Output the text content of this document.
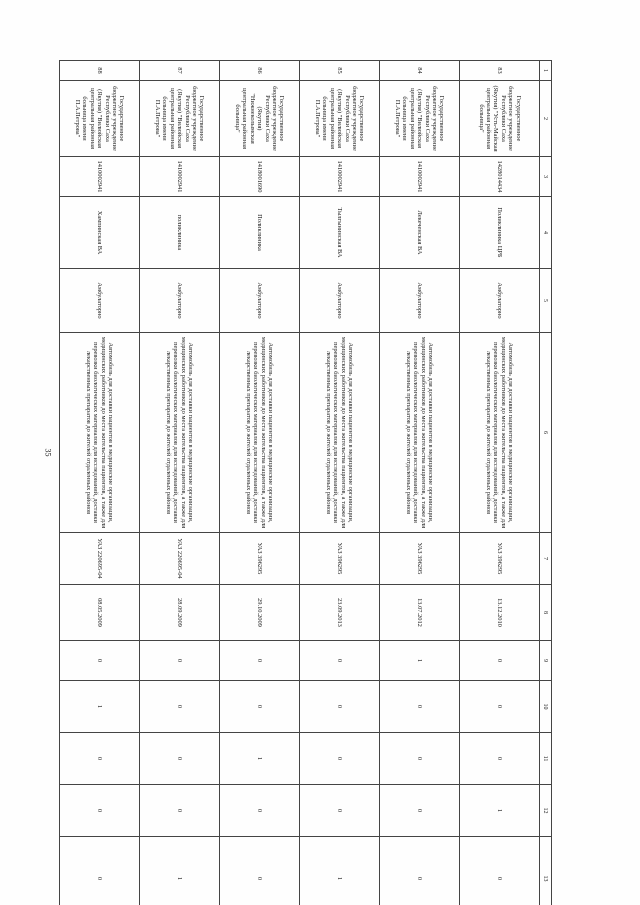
35
1	2	3	4	5	6	7	8	9	10	11	12	13
83	Государственное бюджетное учреждение Республики Саха (Якутия) "Усть-Майская центральная районная больница"	1428014434	Поликлиника ЦРБ	Амбулаторно	Автомобиль для доставки пациентов в медицинские организации, медицинских работников до места жительства пациентов, а также для перевозки биологических материалов для исследований, доставки лекарственных препаратов до жителей отдаленных районов	УАЗ 396295	13.12.2010	0	0	0	1	0
84	Государственное бюджетное учреждение Республики Саха (Якутия) "Вилюйская центральная районная больница имени П.А.Петрова"	1410002941	Лекеченская ВА	Амбулаторно	Автомобиль для доставки пациентов в медицинские организации, медицинских работников до места жительства пациентов, а также для перевозки биологических материалов для исследований, доставки лекарственных препаратов до жителей отдаленных районов	УАЗ 396295	13.07.2012	1	0	0	0	0
85	Государственное бюджетное учреждение Республики Саха (Якутия) "Вилюйская центральная районная больница имени П.А.Петрова"	1410002941	Тылгынинская ВА	Амбулаторно	Автомобиль для доставки пациентов в медицинские организации, медицинских работников до места жительства пациентов, а также для перевозки биологических материалов для исследований, доставки лекарственных препаратов до жителей отдаленных районов	УАЗ 396295	23.09.2013	0	0	0	0	1
86	Государственное бюджетное учреждение Республики Саха (Якутия) "Нижнеколымская центральная районная больница"	1418001690	Поликлиника	Амбулаторно	Автомобиль для доставки пациентов в медицинские организации, медицинских работников до места жительства пациентов, а также для перевозки биологических материалов для исследований, доставки лекарственных препаратов до жителей отдаленных районов	УАЗ 396295	29.10.2009	0	0	1	0	0
87	Государственное бюджетное учреждение Республики Саха (Якутия) "Вилюйская центральная районная больница имени П.А.Петрова"	1410002941	поликлиника	Амбулаторно	Автомобиль для доставки пациентов в медицинские организации, медицинских работников до места жительства пациентов, а также для перевозки биологических материалов для исследований, доставки лекарственных препаратов до жителей отдаленных районов	УАЗ 220695-04	28.09.2009	0	0	0	0	1
88	Государственное бюджетное учреждение Республики Саха (Якутия) "Вилюйская центральная районная больница имени П.А.Петрова"	1410002941	Хампинская ВА	Амбулаторно	Автомобиль для доставки пациентов в медицинские организации, медицинских работников до места жительства пациентов, а также для перевозки биологических материалов для исследований, доставки лекарственных препаратов до жителей отдаленных районов	УАЗ 220695-04	08.05.2009	0	1	0	0	0
